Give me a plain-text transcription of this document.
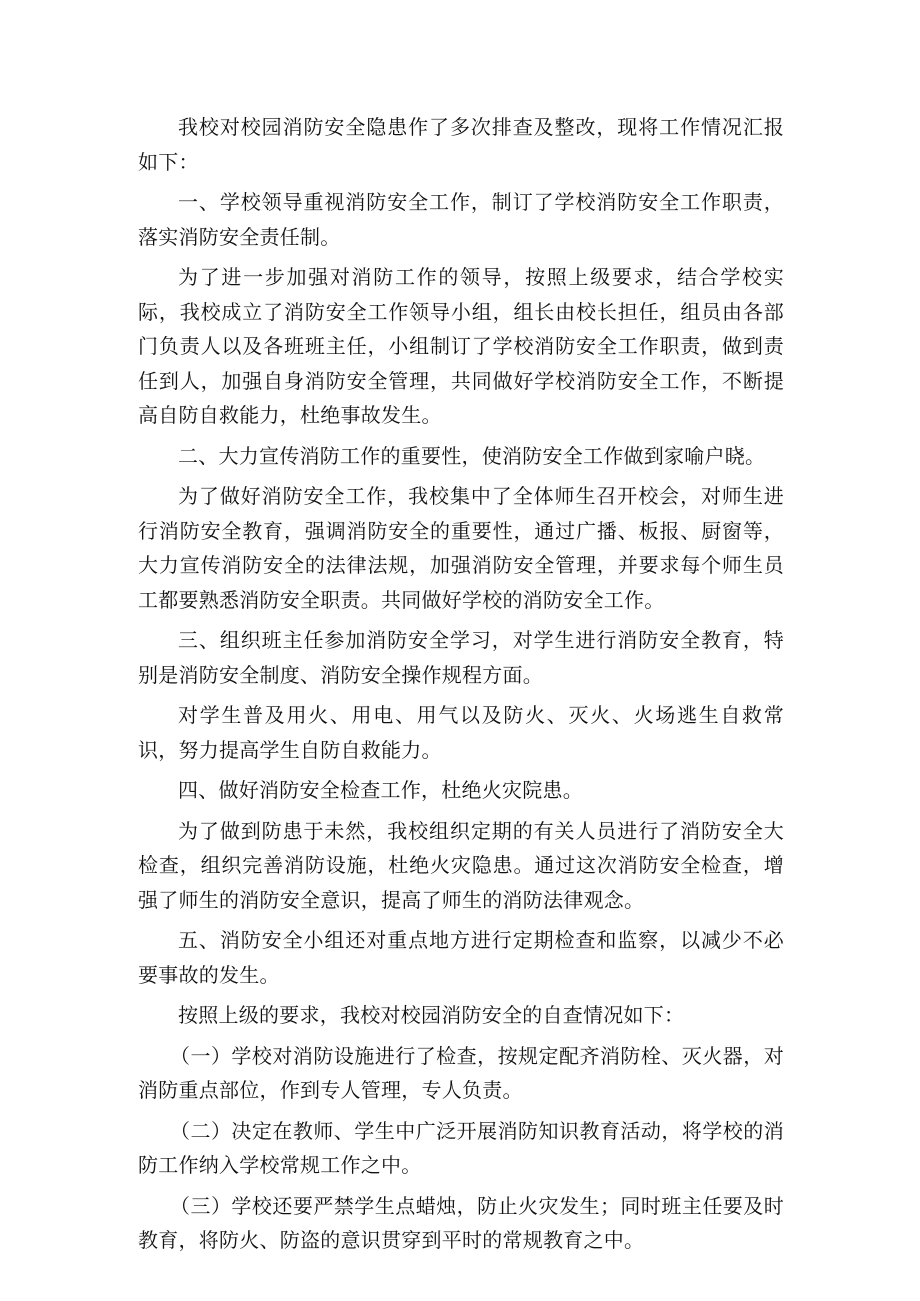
我校对校园消防安全隐患作了多次排查及整改，现将工作情况汇报如下：

一、学校领导重视消防安全工作，制订了学校消防安全工作职责，落实消防安全责任制。

为了进一步加强对消防工作的领导，按照上级要求，结合学校实际，我校成立了消防安全工作领导小组，组长由校长担任，组员由各部门负责人以及各班班主任，小组制订了学校消防安全工作职责，做到责任到人，加强自身消防安全管理，共同做好学校消防安全工作，不断提高自防自救能力，杜绝事故发生。

二、大力宣传消防工作的重要性，使消防安全工作做到家喻户晓。

为了做好消防安全工作，我校集中了全体师生召开校会，对师生进行消防安全教育，强调消防安全的重要性，通过广播、板报、厨窗等，大力宣传消防安全的法律法规，加强消防安全管理，并要求每个师生员工都要熟悉消防安全职责。共同做好学校的消防安全工作。

三、组织班主任参加消防安全学习，对学生进行消防安全教育，特别是消防安全制度、消防安全操作规程方面。

对学生普及用火、用电、用气以及防火、灭火、火场逃生自救常识，努力提高学生自防自救能力。

四、做好消防安全检查工作，杜绝火灾院患。

为了做到防患于未然，我校组织定期的有关人员进行了消防安全大检查，组织完善消防设施，杜绝火灾隐患。通过这次消防安全检查，增强了师生的消防安全意识，提高了师生的消防法律观念。

五、消防安全小组还对重点地方进行定期检查和监察，以减少不必要事故的发生。

按照上级的要求，我校对校园消防安全的自查情况如下：

（一）学校对消防设施进行了检查，按规定配齐消防栓、灭火器，对消防重点部位，作到专人管理，专人负责。

（二）决定在教师、学生中广泛开展消防知识教育活动，将学校的消防工作纳入学校常规工作之中。

（三）学校还要严禁学生点蜡烛，防止火灾发生；同时班主任要及时教育，将防火、防盗的意识贯穿到平时的常规教育之中。
